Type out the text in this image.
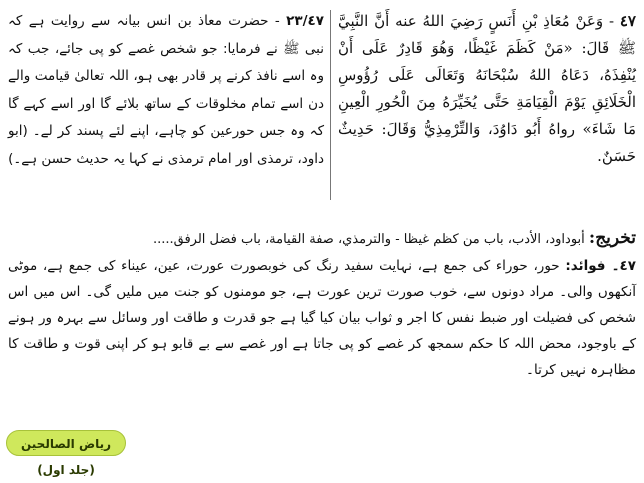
٤٧ - وَعَنْ مُعَاذِ بْنِ أَنَسٍ رَضِيَ اللهُ عنه أَنَّ النَّبِيَّ ﷺ قَالَ: «مَنْ كَظَمَ غَيْظًا، وَهُوَ قَادِرٌ عَلَى أَنْ يُنْفِذَهُ، دَعَاهُ اللهُ سُبْحَانَهُ وَتَعَالَى عَلَى رُؤُوسِ الْخَلَائِقِ يَوْمَ الْقِيَامَةِ حَتَّى يُخَيِّرَهُ مِنَ الْحُورِ الْعِينِ مَا شَاءَ» رواهُ أَبُو دَاوُدَ، وَالتِّرْمِذِيُّ وَقَالَ: حَدِيثٌ حَسَنٌ.
٢٣/٤٧ - حضرت معاذ بن انس بیانہ سے روایت ہے کہ نبی ﷺ نے فرمایا: جو شخص غصے کو پی جائے، جب کہ وہ اسے نافذ کرنے پر قادر بھی ہو، اللہ تعالیٰ قیامت والے دن اسے تمام مخلوقات کے ساتھ بلائے گا اور اسے کہے گا کہ وہ جس حورعین کو چاہے، اپنے لئے پسند کر لے۔ (ابو داود، ترمذی اور امام ترمذی نے کہا یہ حدیث حسن ہے۔)
تخریج: أبوداود، الأدب، باب من كظم غيظا - والترمذي، صفة القيامة، باب فضل الرفق.....
٤٧۔ فوائد: حور، حوراء کی جمع ہے، نہایت سفید رنگ کی خوبصورت عورت، عین، عیناء کی جمع ہے، موٹی آنکھوں والی۔ مراد دونوں سے، خوب صورت ترین عورت ہے، جو مومنوں کو جنت میں ملیں گی۔ اس میں اس شخص کی فضیلت اور ضبط نفس کا اجر و ثواب بیان کیا گیا ہے جو قدرت و طاقت اور وسائل سے بہرہ ور ہونے کے باوجود، محض اللہ کا حکم سمجھ کر غصے کو پی جاتا ہے اور غصے سے بے قابو ہو کر اپنی قوت و طاقت کا مظاہرہ نہیں کرتا۔
ریاض الصالحین (جلد اول)
